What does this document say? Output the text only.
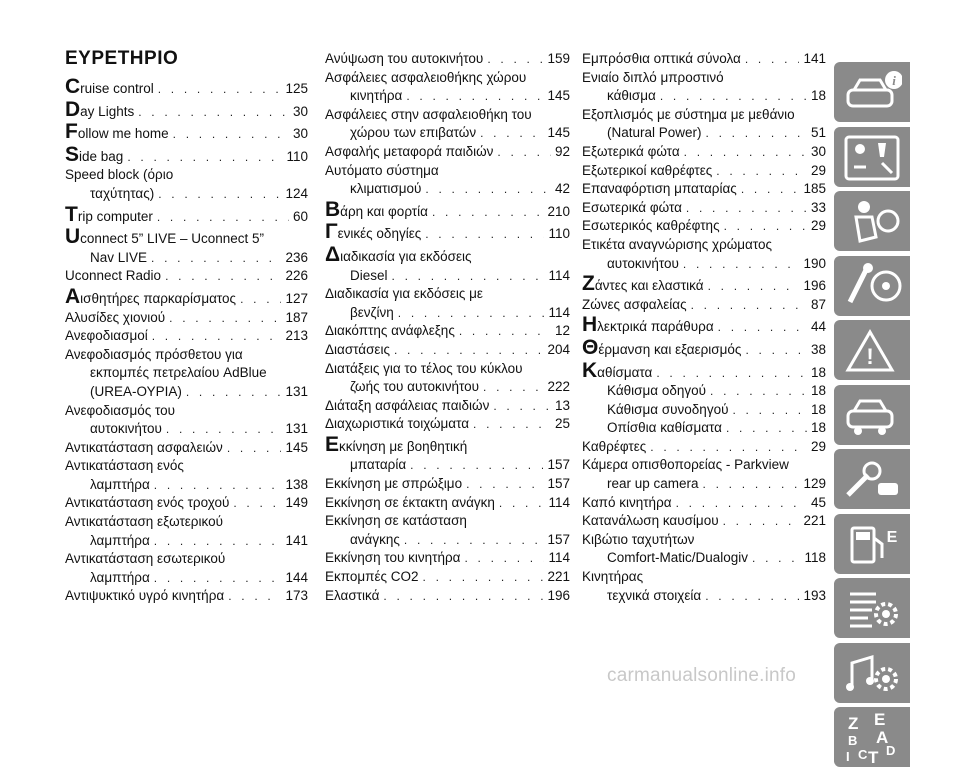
ΕΥΡΕΤΗΡΙΟ
Cruise control . . .	125
Day Lights . . .	30
Follow me home . . .	30
Side bag . . .	110
Speed block (όριο
ταχύτητας) . . .	124
Trip computer . . .	60
Uconnect 5” LIVE – Uconnect 5”
Nav LIVE . . .	236
Uconnect Radio . . .	226
Αισθητήρες παρκαρίσματος . . .	127
Αλυσίδες χιονιού . . .	187
Ανεφοδιασμοί . . .	213
Ανεφοδιασμός πρόσθετου για
εκπομπές πετρελαίου AdBlue
(UREA-ΟΥΡΙΑ) . . .	131
Ανεφοδιασμός του
αυτοκινήτου . . .	131
Αντικατάσταση ασφαλειών . . .	145
Αντικατάσταση ενός
λαμπτήρα . . .	138
Αντικατάσταση ενός τροχού . . .	149
Αντικατάσταση εξωτερικού
λαμπτήρα . . .	141
Αντικατάσταση εσωτερικού
λαμπτήρα . . .	144
Αντιψυκτικό υγρό κινητήρα . . .	173
Ανύψωση του αυτοκινήτου . . .	159
Ασφάλειες ασφαλειοθήκης χώρου
κινητήρα . . .	145
Ασφάλειες στην ασφαλειοθήκη του
χώρου των επιβατών . . .	145
Ασφαλής μεταφορά παιδιών . . .	92
Αυτόματο σύστημα
κλιματισμού . . .	42
Βάρη και φορτία . . .	210
Γενικές οδηγίες . . .	110
Διαδικασία για εκδόσεις
Diesel . . .	114
Διαδικασία για εκδόσεις με
βενζίνη . . .	114
Διακόπτης ανάφλεξης . . .	12
Διαστάσεις . . .	204
Διατάξεις για το τέλος του κύκλου
ζωής του αυτοκινήτου . . .	222
Διάταξη ασφάλειας παιδιών . . .	13
Διαχωριστικά τοιχώματα . . .	25
Εκκίνηση με βοηθητική
μπαταρία . . .	157
Εκκίνηση με σπρώξιμο . . .	157
Εκκίνηση σε έκτακτη ανάγκη . . .	114
Εκκίνηση σε κατάσταση
ανάγκης . . .	157
Εκκίνηση του κινητήρα . . .	114
Εκπομπές CO2 . . .	221
Ελαστικά . . .	196
Εμπρόσθια οπτικά σύνολα . . .	141
Ενιαίο διπλό μπροστινό
κάθισμα . . .	18
Εξοπλισμός με σύστημα με μεθάνιο
(Natural Power) . . .	51
Εξωτερικά φώτα . . .	30
Εξωτερικοί καθρέφτες . . .	29
Επαναφόρτιση μπαταρίας . . .	185
Εσωτερικά φώτα . . .	33
Εσωτερικός καθρέφτης . . .	29
Ετικέτα αναγνώρισης χρώματος
αυτοκινήτου . . .	190
Ζάντες και ελαστικά . . .	196
Ζώνες ασφαλείας . . .	87
Ηλεκτρικά παράθυρα . . .	44
Θέρμανση και εξαερισμός . . .	38
Καθίσματα . . .	18
Κάθισμα οδηγού . . .	18
Κάθισμα συνοδηγού . . .	18
Οπίσθια καθίσματα . . .	18
Καθρέφτες . . .	29
Κάμερα οπισθοπορείας - Parkview
rear up camera . . .	129
Καπό κινητήρα . . .	45
Κατανάλωση καυσίμου . . .	221
Κιβώτιο ταχυτήτων
Comfort-Matic/Dualogiv . . .	118
Κινητήρας
τεχνικά στοιχεία . . .	193
i
!
E
Z E
B A
I C T D
carmanualsonline.info
